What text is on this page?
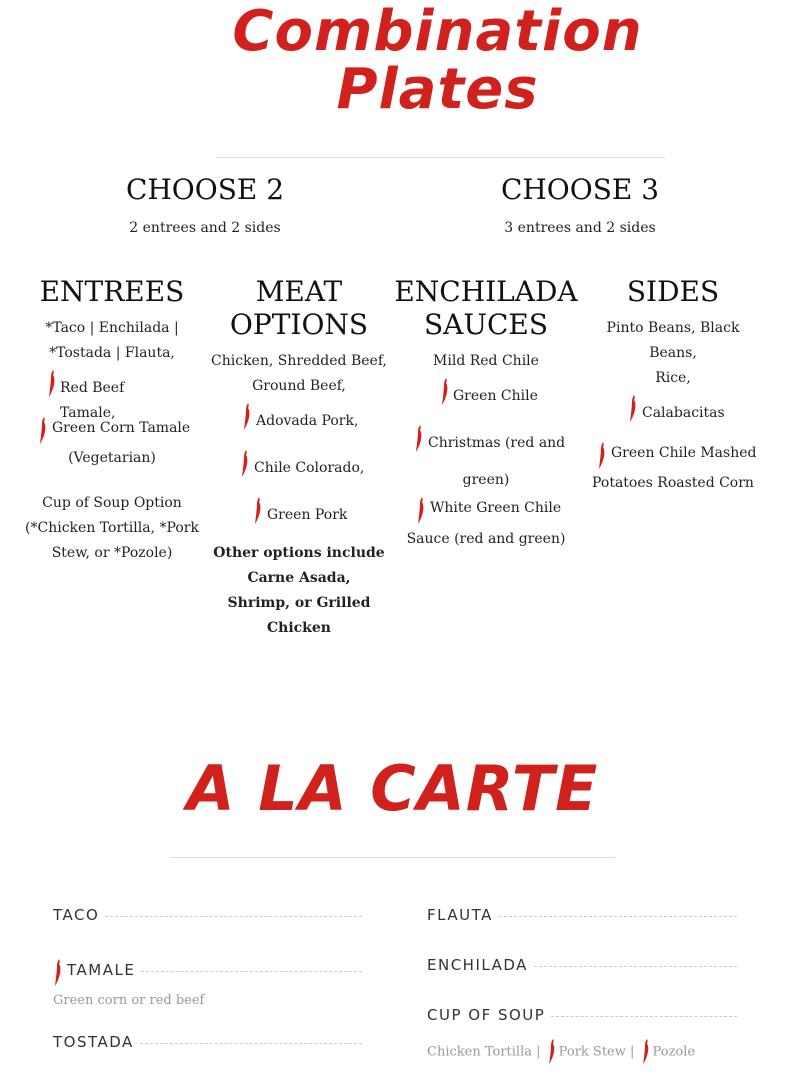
Combination
Plates
CHOOSE 2
2 entrees and 2 sides
CHOOSE 3
3 entrees and 2 sides
ENTREES
*Taco | Enchilada |
*Tostada | Flauta,
Red Beef Tamale,
Green Corn Tamale
(Vegetarian)
Cup of Soup Option
(*Chicken Tortilla, *Pork
Stew, or *Pozole)
MEAT
OPTIONS
Chicken, Shredded Beef,
Ground Beef,
Adovada Pork,
Chile Colorado,
Green Pork
Other options include
Carne Asada,
Shrimp, or Grilled
Chicken
ENCHILADA
SAUCES
Mild Red Chile
Green Chile
Christmas (red and
green)
White Green Chile
Sauce (red and green)
SIDES
Pinto Beans, Black
Beans,
Rice,
Calabacitas
Green Chile Mashed
Potatoes Roasted Corn
A LA CARTE
TACO
TAMALE
Green corn or red beef
TOSTADA
FLAUTA
ENCHILADA
CUP OF SOUP
Chicken Tortilla | Pork Stew | Pozole
